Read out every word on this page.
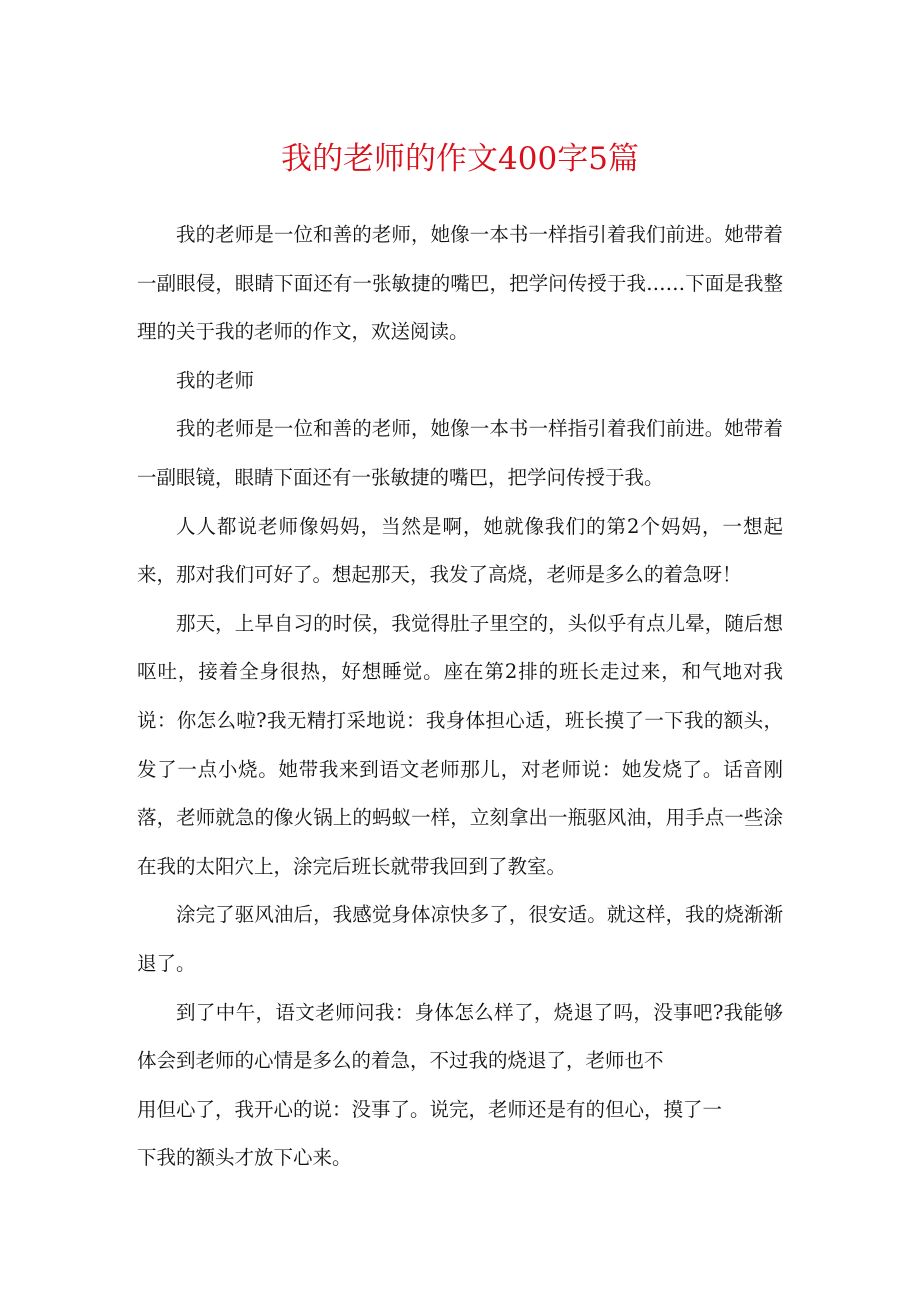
我的老师的作文400字5篇

我的老师是一位和善的老师，她像一本书一样指引着我们前进。她带着一副眼侵，眼睛下面还有一张敏捷的嘴巴，把学问传授于我……下面是我整理的关于我的老师的作文，欢送阅读。

我的老师

我的老师是一位和善的老师，她像一本书一样指引着我们前进。她带着一副眼镜，眼睛下面还有一张敏捷的嘴巴，把学问传授于我。

人人都说老师像妈妈，当然是啊，她就像我们的第2个妈妈，一想起来，那对我们可好了。想起那天，我发了高烧，老师是多么的着急呀！

那天，上早自习的时侯，我觉得肚子里空的，头似乎有点儿晕，随后想呕吐，接着全身很热，好想睡觉。座在第2排的班长走过来，和气地对我说：你怎么啦?我无精打采地说：我身体担心适，班长摸了一下我的额头，发了一点小烧。她带我来到语文老师那儿，对老师说：她发烧了。话音刚落，老师就急的像火锅上的蚂蚁一样，立刻拿出一瓶驱风油，用手点一些涂在我的太阳穴上，涂完后班长就带我回到了教室。

涂完了驱风油后，我感觉身体凉快多了，很安适。就这样，我的烧渐渐退了。

到了中午，语文老师问我：身体怎么样了，烧退了吗，没事吧?我能够体会到老师的心情是多么的着急，不过我的烧退了，老师也不

用但心了，我开心的说：没事了。说完，老师还是有的但心，摸了一

下我的额头才放下心来。
